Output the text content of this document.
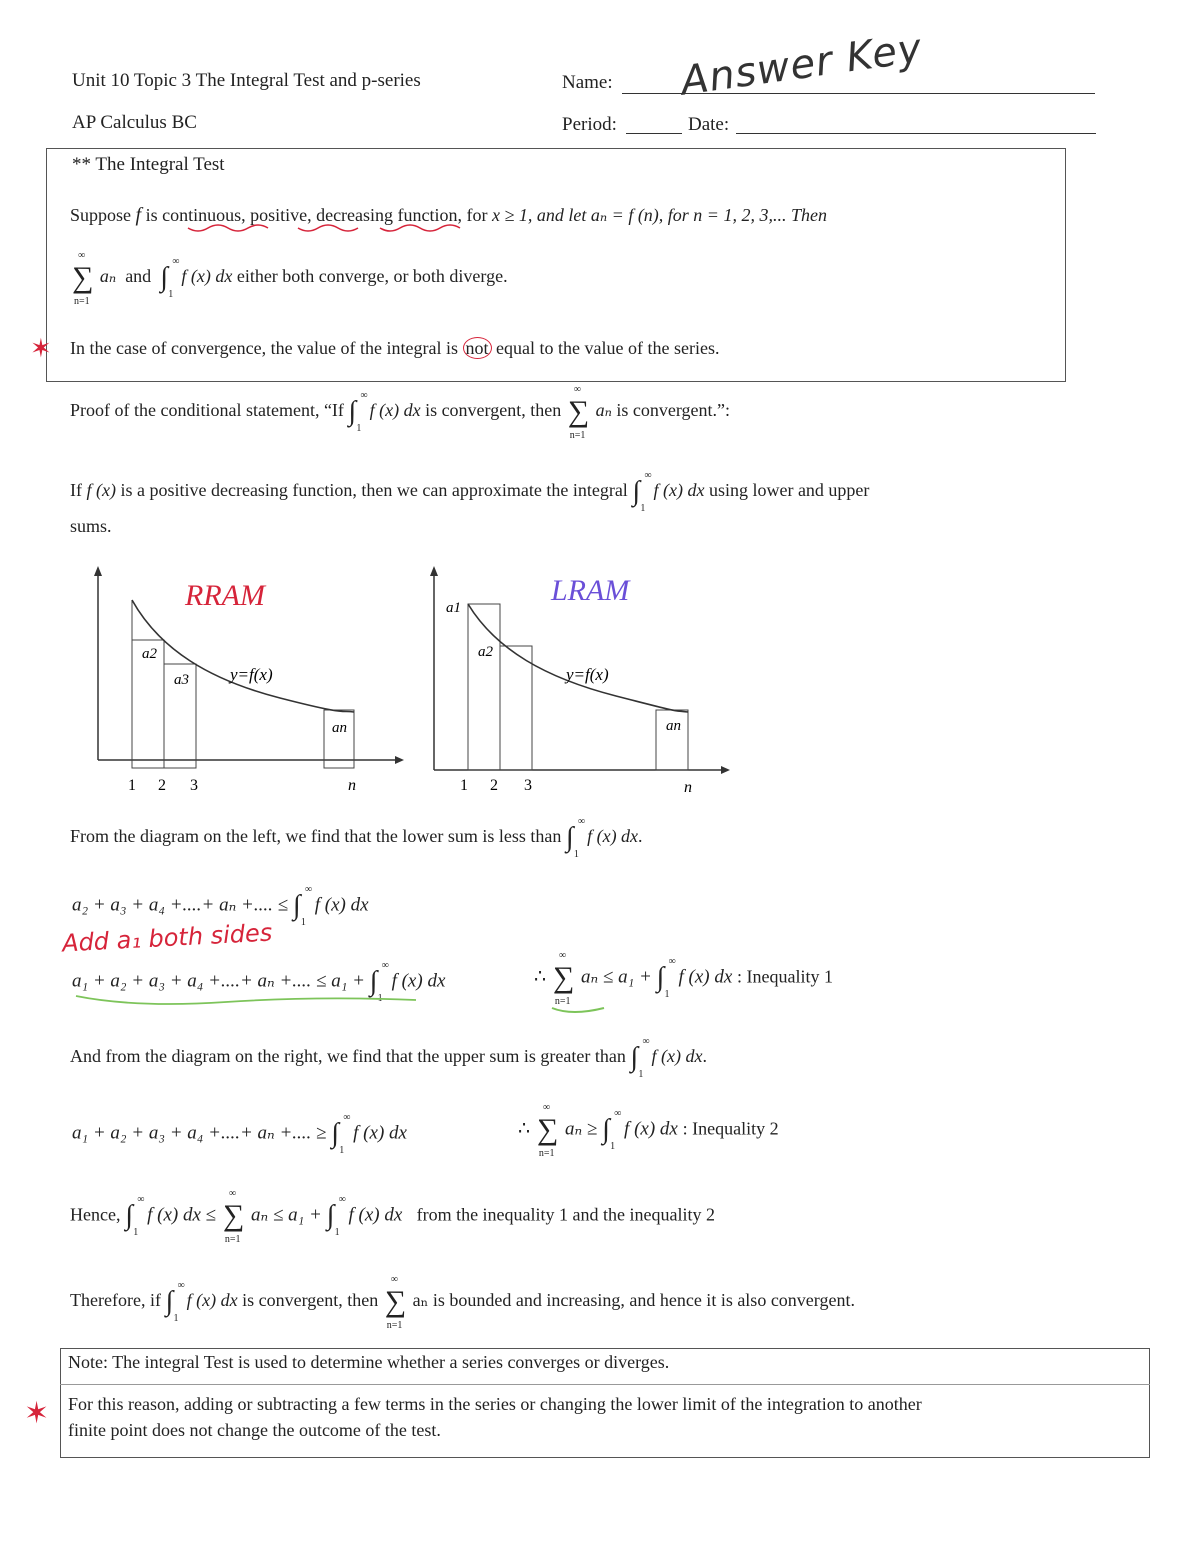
Unit 10 Topic 3 The Integral Test and p-series
AP Calculus BC
Name: Answer Key
Period:	Date:
** The Integral Test
Suppose f is continuous, positive, decreasing function, for x ≥ 1, and let aₙ = f (n), for n = 1, 2, 3,... Then
∑
∞
n=1
aₙ and ∫
∞
1
f (x) dx either both converge, or both diverge.
In the case of convergence, the value of the integral is not equal to the value of the series.
✶
Proof of the conditional statement, “If ∫
∞
1
f (x) dx is convergent, then ∑
∞
n=1
aₙ is convergent.”:
If f (x) is a positive decreasing function, then we can approximate the integral ∫
∞
1
f (x) dx using lower and upper
sums.
a2
a3
an
y=f(x)
RRAM
1 2 3	n
a1
a2
an
y=f(x)
LRAM
1 2 3	n
From the diagram on the left, we find that the lower sum is less than ∫
∞
1
f (x) dx.
a₂ + a₃ + a₄ +....+ aₙ +.... ≤ ∫
∞
1
f (x) dx
Add a₁ both sides
a₁ + a₂ + a₃ + a₄ +....+ aₙ +.... ≤ a₁ + ∫
∞
1
f (x) dx	∴ ∑
∞
n=1
aₙ ≤ a₁ + ∫
∞
1
f (x) dx : Inequality 1
And from the diagram on the right, we find that the upper sum is greater than ∫
∞
1
f (x) dx.
a₁ + a₂ + a₃ + a₄ +....+ aₙ +.... ≥ ∫
∞
1
f (x) dx	∴ ∑
∞
n=1
aₙ ≥ ∫
∞
1
f (x) dx : Inequality 2
Hence, ∫
∞
1
f (x) dx ≤ ∑
∞
n=1
aₙ ≤ a₁ + ∫
∞
1
f (x) dx from the inequality 1 and the inequality 2
Therefore, if ∫
∞
1
f (x) dx is convergent, then ∑
∞
n=1
aₙ is bounded and increasing, and hence it is also convergent.
Note: The integral Test is used to determine whether a series converges or diverges.
For this reason, adding or subtracting a few terms in the series or changing the lower limit of the integration to another
finite point does not change the outcome of the test.
✶
